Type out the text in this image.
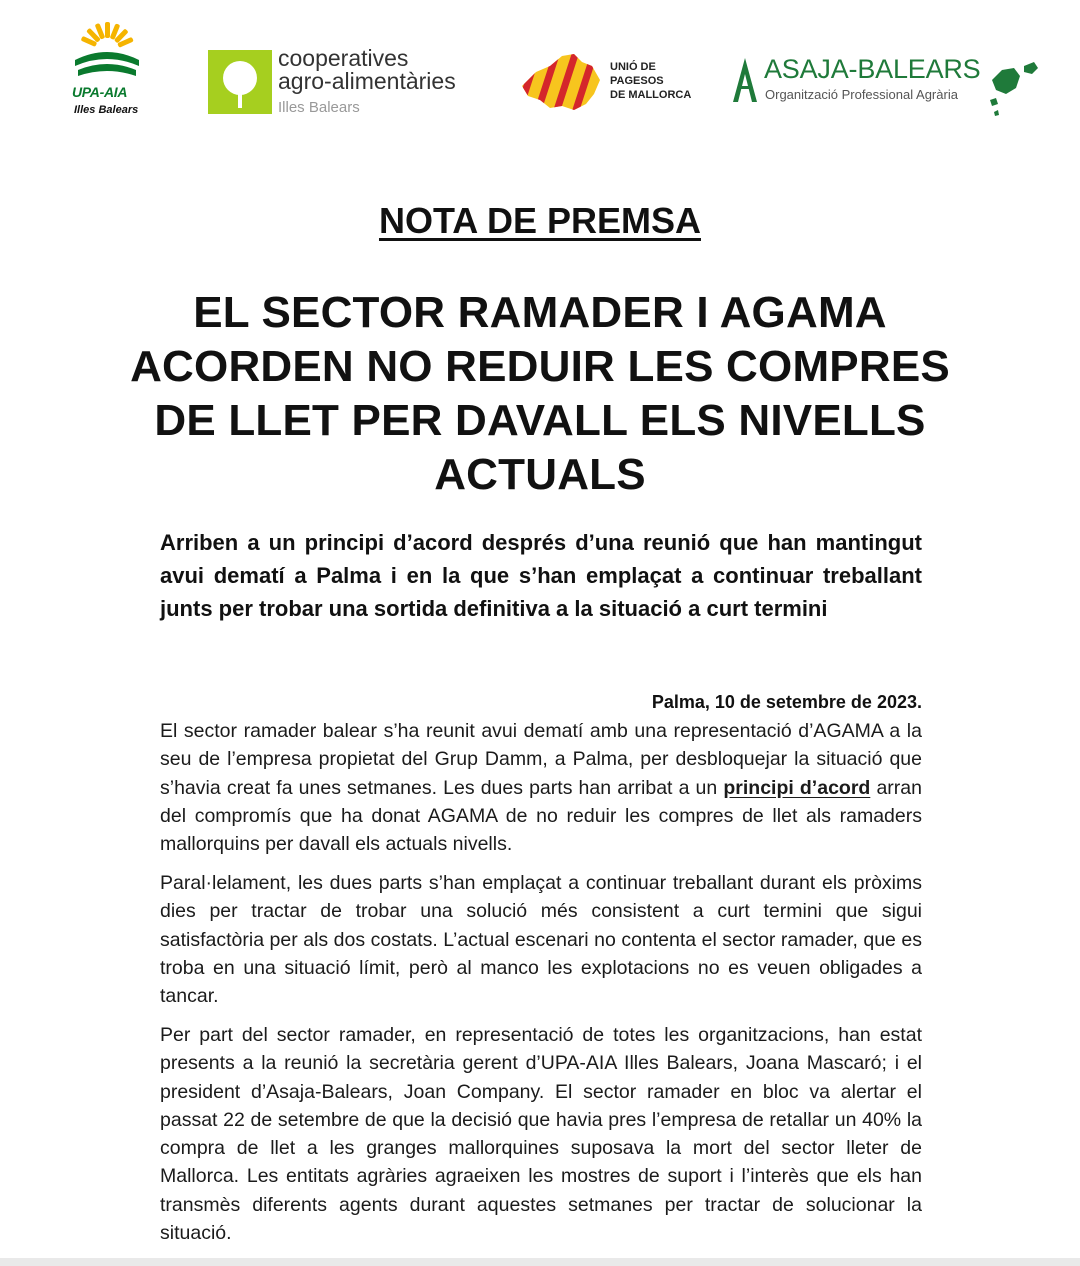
UPA-AIA
Illes Balears
cooperatives
agro-alimentàries
Illes Balears
UNIÓ DE
PAGESOS
DE MALLORCA
ASAJA-BALEARS
Organització Professional Agrària
NOTA DE PREMSA
EL SECTOR RAMADER I AGAMA ACORDEN NO REDUIR LES COMPRES DE LLET PER DAVALL ELS NIVELLS ACTUALS
Arriben a un principi d’acord després d’una reunió que han mantingut avui dematí a Palma i en la que s’han emplaçat a continuar treballant junts per trobar una sortida definitiva a la situació a curt termini
Palma, 10 de setembre de 2023.
El sector ramader balear s’ha reunit avui dematí amb una representació d’AGAMA a la seu de l’empresa propietat del Grup Damm, a Palma, per desbloquejar la situació que s’havia creat fa unes setmanes. Les dues parts han arribat a un principi d’acord arran del compromís que ha donat AGAMA de no reduir les compres de llet als ramaders mallorquins per davall els actuals nivells.
Paral·lelament, les dues parts s’han emplaçat a continuar treballant durant els pròxims dies per tractar de trobar una solució més consistent a curt termini que sigui satisfactòria per als dos costats. L’actual escenari no contenta el sector ramader, que es troba en una situació límit, però al manco les explotacions no es veuen obligades a tancar.
Per part del sector ramader, en representació de totes les organitzacions, han estat presents a la reunió la secretària gerent d’UPA-AIA Illes Balears, Joana Mascaró; i el president d’Asaja-Balears, Joan Company. El sector ramader en bloc va alertar el passat 22 de setembre de que la decisió que havia pres l’empresa de retallar un 40% la compra de llet a les granges mallorquines suposava la mort del sector lleter de Mallorca. Les entitats agràries agraeixen les mostres de suport i l’interès que els han transmès diferents agents durant aquestes setmanes per tractar de solucionar la situació.
